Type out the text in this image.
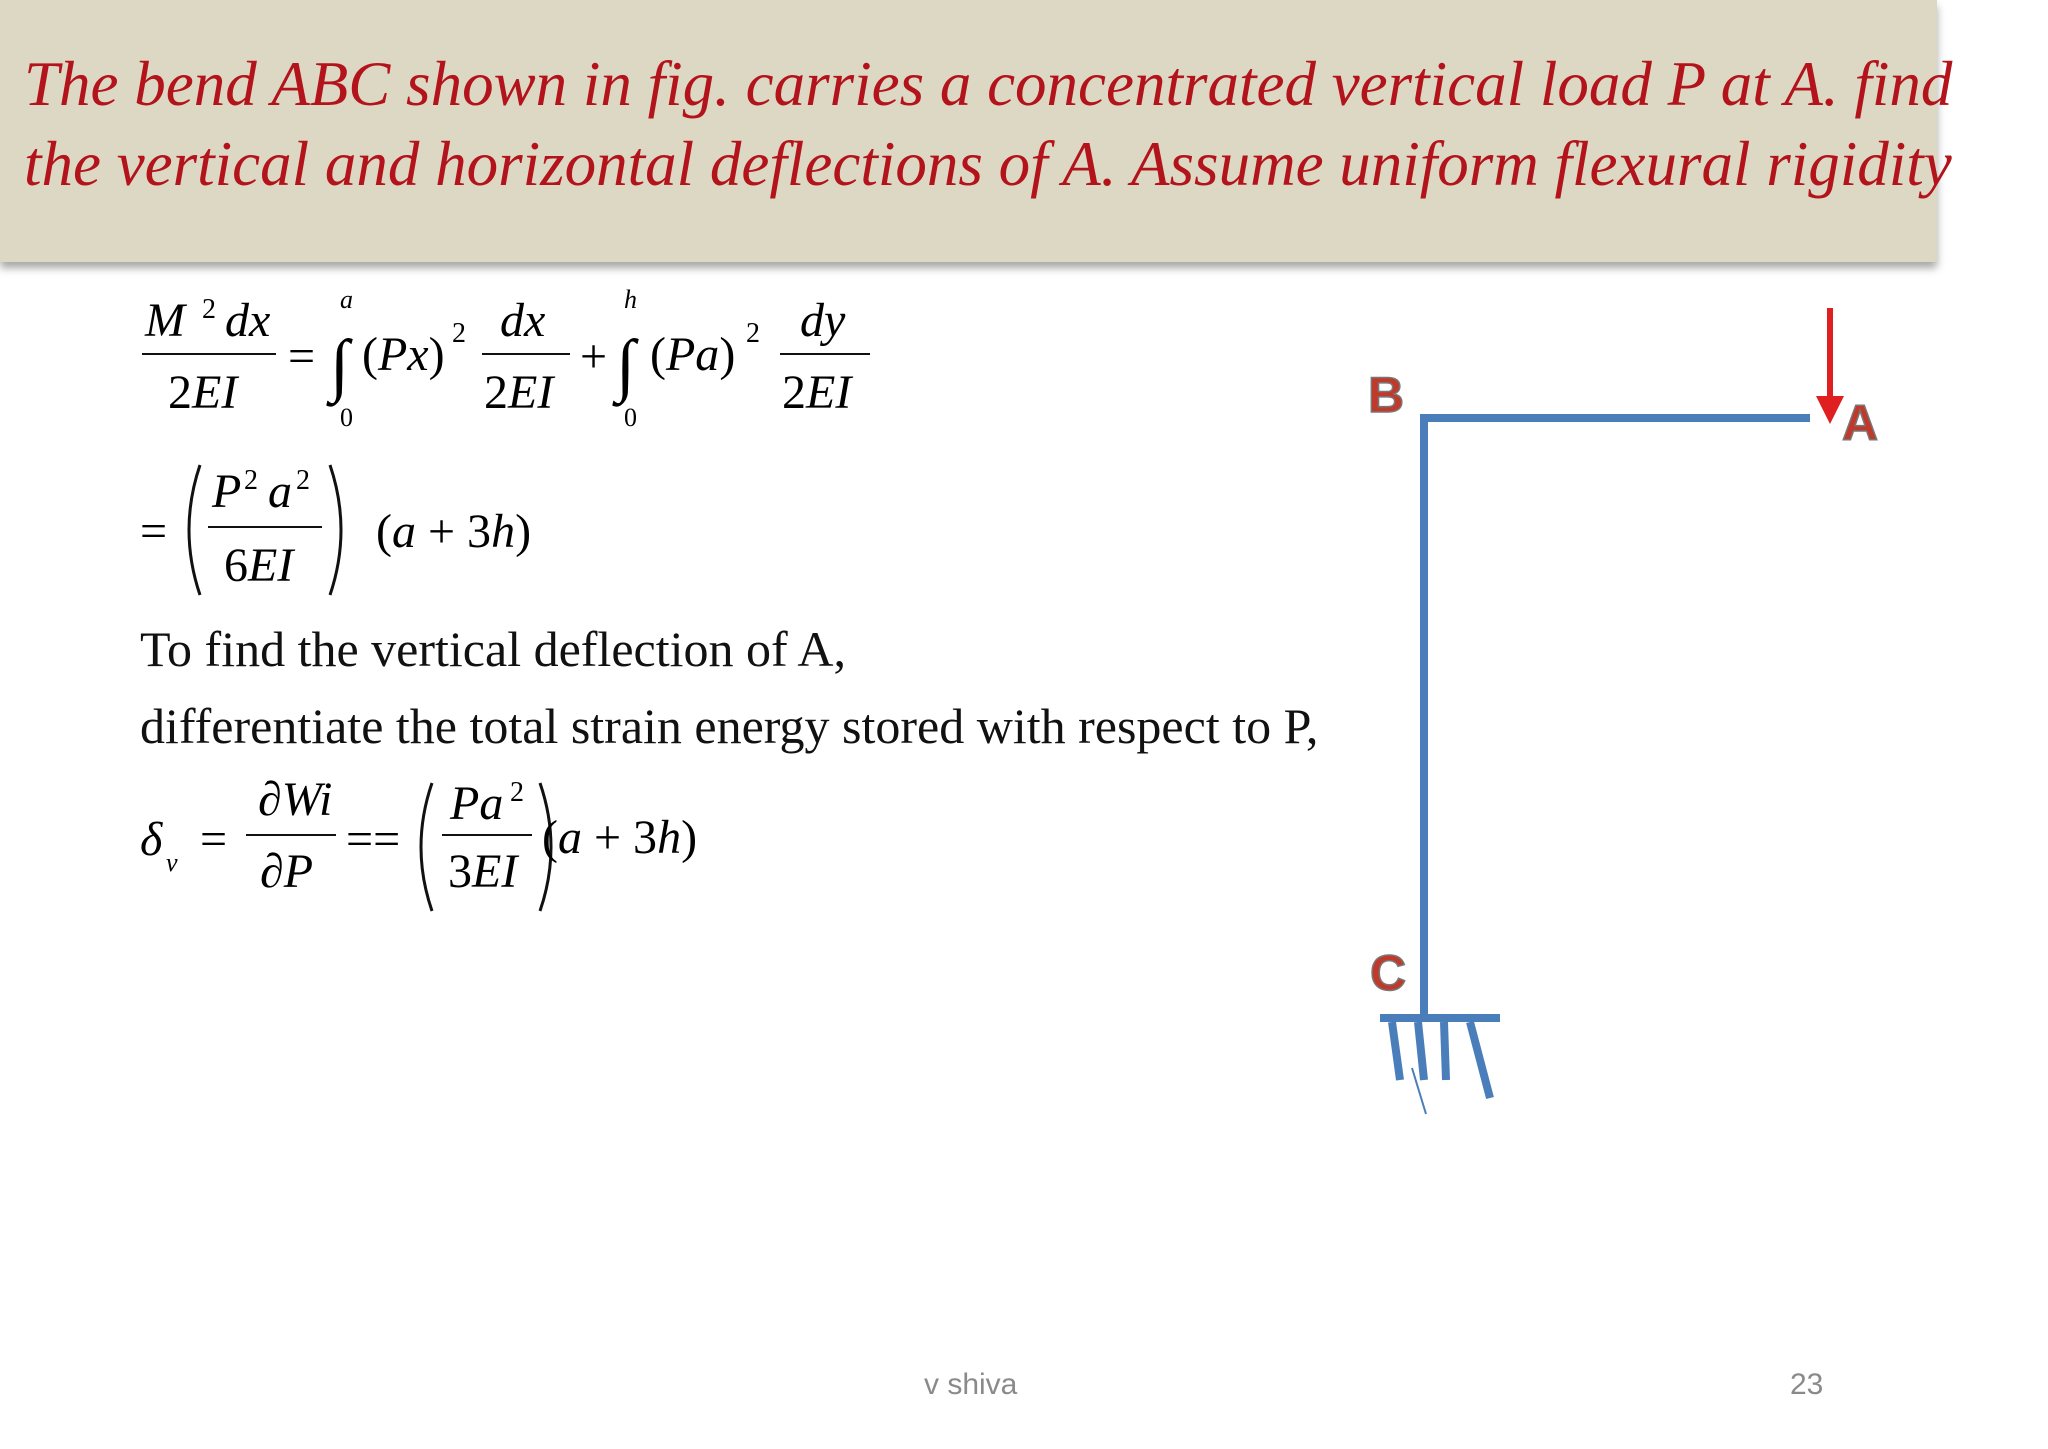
The bend ABC shown in fig. carries a concentrated vertical load P at A. find
the vertical and horizontal deflections of A. Assume uniform flexural rigidity
M 2 dx
2EI
=
a
∫
0
(Px) 2 dx
2EI
+
h
∫
0
(Pa) 2 dy
2EI
=
P 2 a 2
6EI
(a + 3h)
To find the vertical deflection of A,
differentiate the total strain energy stored with respect to P,
δ v =
∂Wi
∂P
==
Pa 2
3EI
(a + 3h)
B	A
C
v shiva	23
